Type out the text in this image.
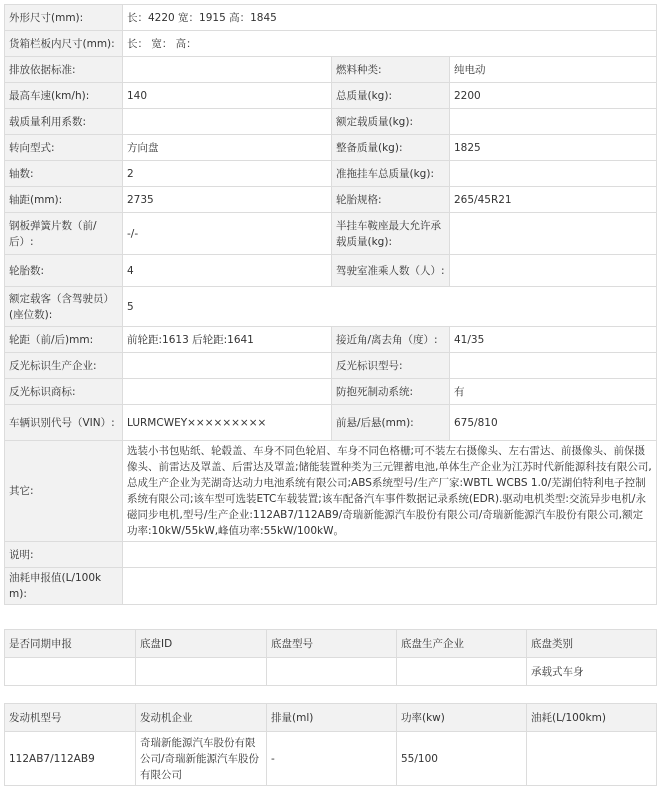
外形尺寸(mm):	长：4220 宽：1915 高：1845		
货箱栏板内尺寸(mm):	长： 宽： 高：		
排放依据标准:		燃料种类:	纯电动
最高车速(km/h):	140	总质量(kg):	2200
载质量利用系数:		额定载质量(kg):	
转向型式:	方向盘	整备质量(kg):	1825
轴数:	2	准拖挂车总质量(kg):	
轴距(mm):	2735	轮胎规格:	265/45R21
钢板弹簧片数（前/后）:	-/-	半挂车鞍座最大允许承载质量(kg):	
轮胎数:	4	驾驶室准乘人数（人）:	
额定载客（含驾驶员）(座位数):	5		
轮距（前/后)mm:	前轮距:1613 后轮距:1641	接近角/离去角（度）:	41/35
反光标识生产企业:		反光标识型号:	
反光标识商标:		防抱死制动系统:	有
车辆识别代号（VIN）:	LURMCWEY×××××××××	前悬/后悬(mm):	675/810
其它:	选装小书包贴纸、轮毂盖、车身不同色轮眉、车身不同色格栅;可不装左右摄像头、左右雷达、前摄像头、前保摄像头、前雷达及罩盖、后雷达及罩盖;储能装置种类为三元锂蓄电池,单体生产企业为江苏时代新能源科技有限公司,总成生产企业为芜湖奇达动力电池系统有限公司;ABS系统型号/生产厂家:WBTL WCBS 1.0/芜湖伯特利电子控制系统有限公司;该车型可选装ETC车载装置;该车配备汽车事件数据记录系统(EDR).驱动电机类型:交流异步电机/永磁同步电机,型号/生产企业:112AB7/112AB9/奇瑞新能源汽车股份有限公司/奇瑞新能源汽车股份有限公司,额定功率:10kW/55kW,峰值功率:55kW/100kW。		
说明:			
油耗申报值(L/100km):			
是否同期申报	底盘ID	底盘型号	底盘生产企业	底盘类别
				承载式车身
发动机型号	发动机企业	排量(ml)	功率(kw)	油耗(L/100km)
112AB7/112AB9	奇瑞新能源汽车股份有限公司/奇瑞新能源汽车股份有限公司	-	55/100	
